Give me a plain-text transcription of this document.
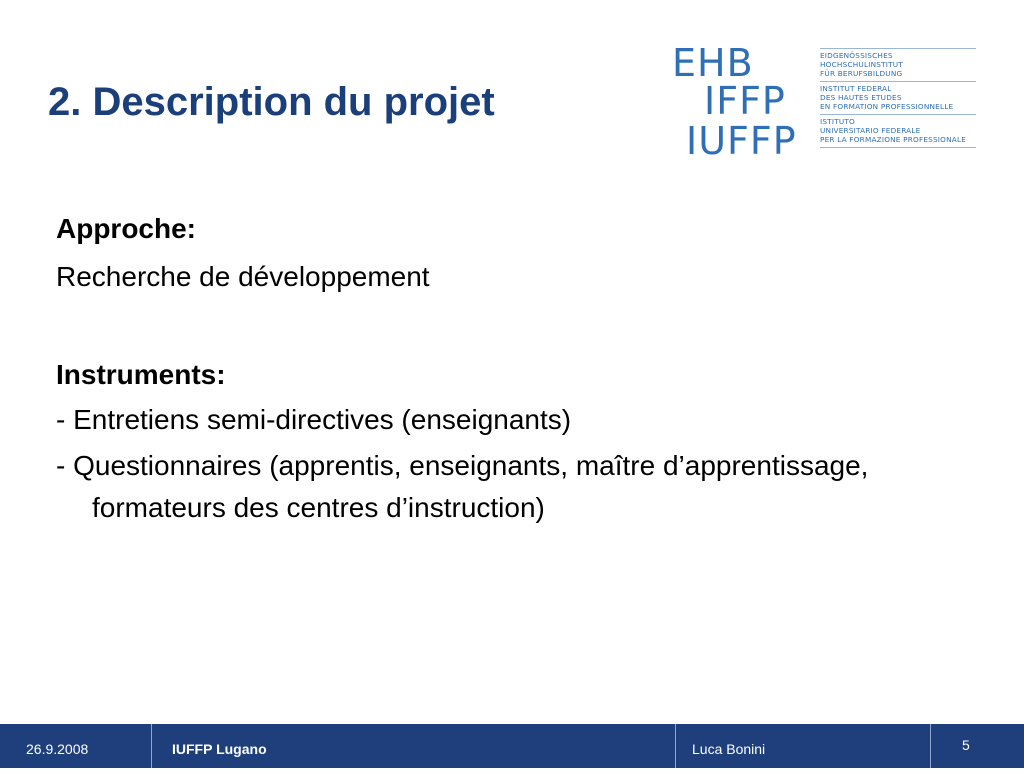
2. Description du projet
EHB
IFFP
IUFFP
EIDGENÖSSISCHES
HOCHSCHULINSTITUT
FÜR BERUFSBILDUNG
INSTITUT FEDERAL
DES HAUTES ETUDES
EN FORMATION PROFESSIONNELLE
ISTITUTO
UNIVERSITARIO FEDERALE
PER LA FORMAZIONE PROFESSIONALE

Approche:

Recherche de développement

Instruments:

- Entretiens semi-directives (enseignants)

- Questionnaires (apprentis, enseignants, maître d’apprentissage, formateurs des centres d’instruction)

26.9.2008	IUFFP Lugano	Luca Bonini	5
